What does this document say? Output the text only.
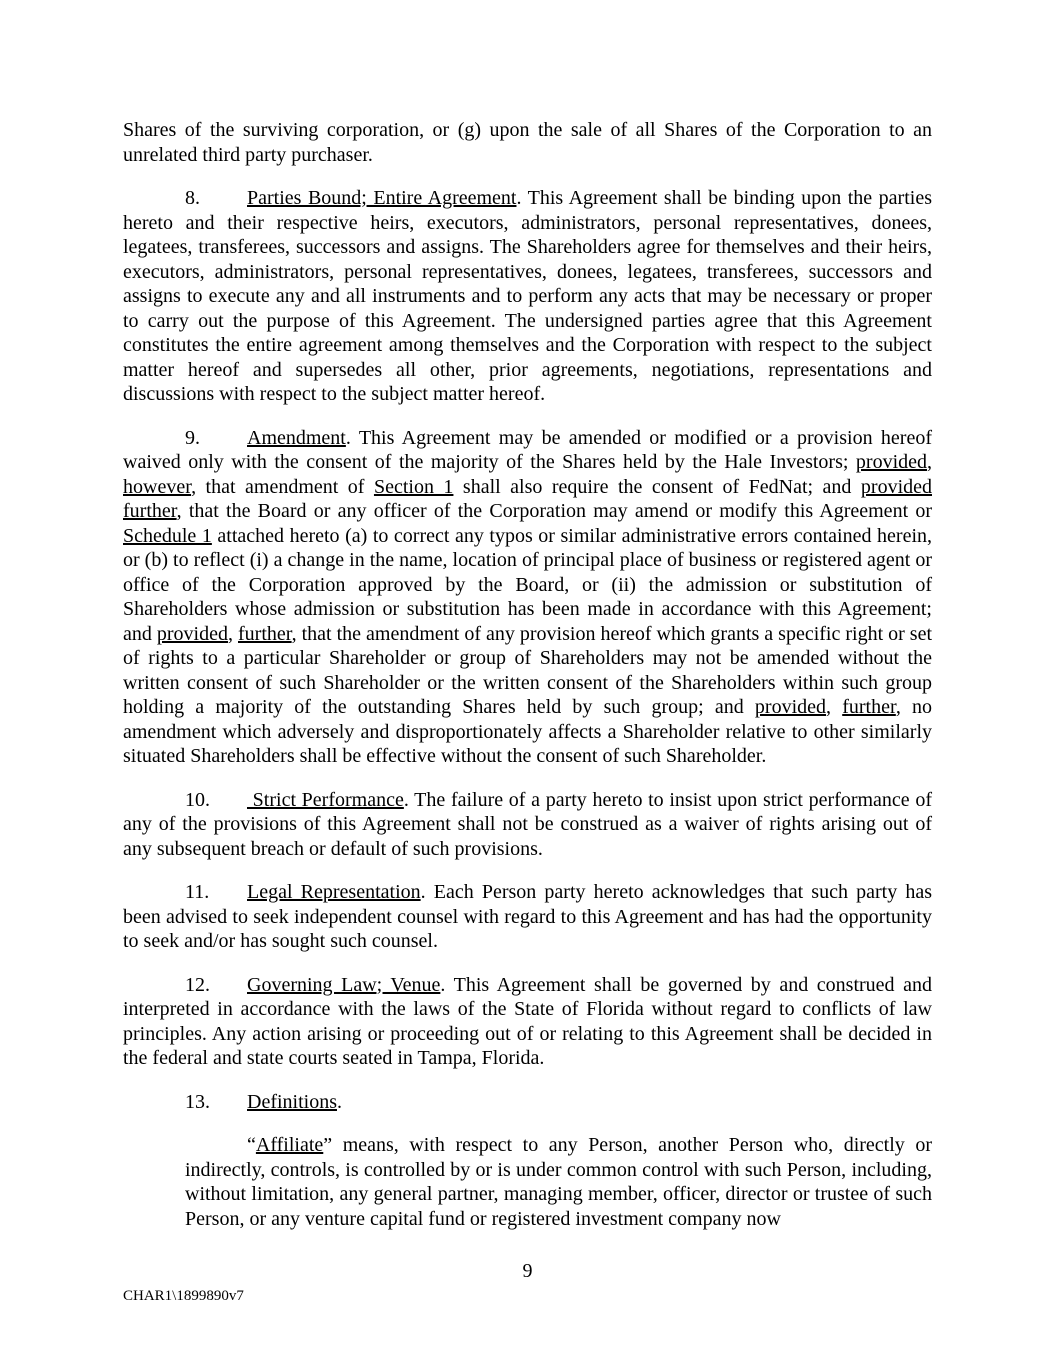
Shares of the surviving corporation, or (g) upon the sale of all Shares of the Corporation to an unrelated third party purchaser.

8. Parties Bound; Entire Agreement. This Agreement shall be binding upon the parties hereto and their respective heirs, executors, administrators, personal representatives, donees, legatees, transferees, successors and assigns. The Shareholders agree for themselves and their heirs, executors, administrators, personal representatives, donees, legatees, transferees, successors and assigns to execute any and all instruments and to perform any acts that may be necessary or proper to carry out the purpose of this Agreement. The undersigned parties agree that this Agreement constitutes the entire agreement among themselves and the Corporation with respect to the subject matter hereof and supersedes all other, prior agreements, negotiations, representations and discussions with respect to the subject matter hereof.

9. Amendment. This Agreement may be amended or modified or a provision hereof waived only with the consent of the majority of the Shares held by the Hale Investors; provided, however, that amendment of Section 1 shall also require the consent of FedNat; and provided further, that the Board or any officer of the Corporation may amend or modify this Agreement or Schedule 1 attached hereto (a) to correct any typos or similar administrative errors contained herein, or (b) to reflect (i) a change in the name, location of principal place of business or registered agent or office of the Corporation approved by the Board, or (ii) the admission or substitution of Shareholders whose admission or substitution has been made in accordance with this Agreement; and provided, further, that the amendment of any provision hereof which grants a specific right or set of rights to a particular Shareholder or group of Shareholders may not be amended without the written consent of such Shareholder or the written consent of the Shareholders within such group holding a majority of the outstanding Shares held by such group; and provided, further, no amendment which adversely and disproportionately affects a Shareholder relative to other similarly situated Shareholders shall be effective without the consent of such Shareholder.

10. Strict Performance. The failure of a party hereto to insist upon strict performance of any of the provisions of this Agreement shall not be construed as a waiver of rights arising out of any subsequent breach or default of such provisions.

11. Legal Representation. Each Person party hereto acknowledges that such party has been advised to seek independent counsel with regard to this Agreement and has had the opportunity to seek and/or has sought such counsel.

12. Governing Law; Venue. This Agreement shall be governed by and construed and interpreted in accordance with the laws of the State of Florida without regard to conflicts of law principles. Any action arising or proceeding out of or relating to this Agreement shall be decided in the federal and state courts seated in Tampa, Florida.

13. Definitions.

“Affiliate” means, with respect to any Person, another Person who, directly or indirectly, controls, is controlled by or is under common control with such Person, including, without limitation, any general partner, managing member, officer, director or trustee of such Person, or any venture capital fund or registered investment company now

9
CHAR1\1899890v7
